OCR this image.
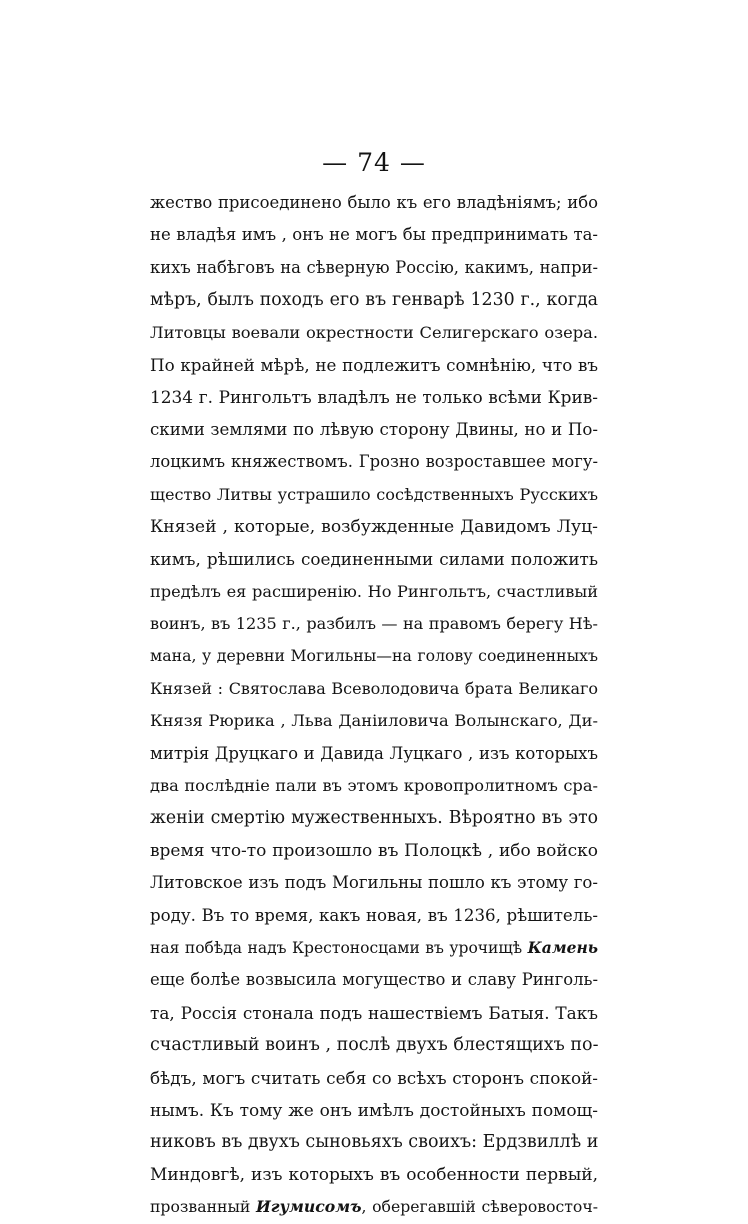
— 74 —
жество присоединено было къ его владѣніямъ; ибо
не владѣя имъ , онъ не могъ бы предпринимать та-
кихъ набѣговъ на сѣверную Россію, какимъ, напри-
мѣръ, былъ походъ его въ генварѣ 1230 г., когда
Литовцы воевали окрестности Селигерскаго озера.
По крайней мѣрѣ, не подлежитъ сомнѣнію, что въ
1234 г. Рингольтъ владѣлъ не только всѣми Крив-
скими землями по лѣвую сторону Двины, но и По-
лоцкимъ княжествомъ. Грозно возроставшее могу-
щество Литвы устрашило сосѣдственныхъ Русскихъ
Князей , которые, возбужденные Давидомъ Луц-
кимъ, рѣшились соединенными силами положить
предѣлъ ея расширенію. Но Рингольтъ, счастливый
воинъ, въ 1235 г., разбилъ — на правомъ берегу Нѣ-
мана, у деревни Могильны—на голову соединенныхъ
Князей : Святослава Всеволодовича брата Великаго
Князя Рюрика , Льва Даніиловича Волынскаго, Ди-
митрія Друцкаго и Давида Луцкаго , изъ которыхъ
два послѣдніе пали въ этомъ кровопролитномъ сра-
женіи смертію мужественныхъ. Вѣроятно въ это
время что-то произошло въ Полоцкѣ , ибо войско
Литовское изъ подъ Могильны пошло къ этому го-
роду. Въ то время, какъ новая, въ 1236, рѣшитель-
ная побѣда надъ Крестоносцами въ урочищѣ Камень
еще болѣе возвысила могущество и славу Ринголь-
та, Россія стонала подъ нашествіемъ Батыя. Такъ
счастливый воинъ , послѣ двухъ блестящихъ по-
бѣдъ, могъ считать себя со всѣхъ сторонъ спокой-
нымъ. Къ тому же онъ имѣлъ достойныхъ помощ-
никовъ въ двухъ сыновьяхъ своихъ: Ердзвиллѣ и
Миндовгѣ, изъ которыхъ въ особенности первый,
прозванный Игумисомъ, оберегавшій сѣверовосточ-
